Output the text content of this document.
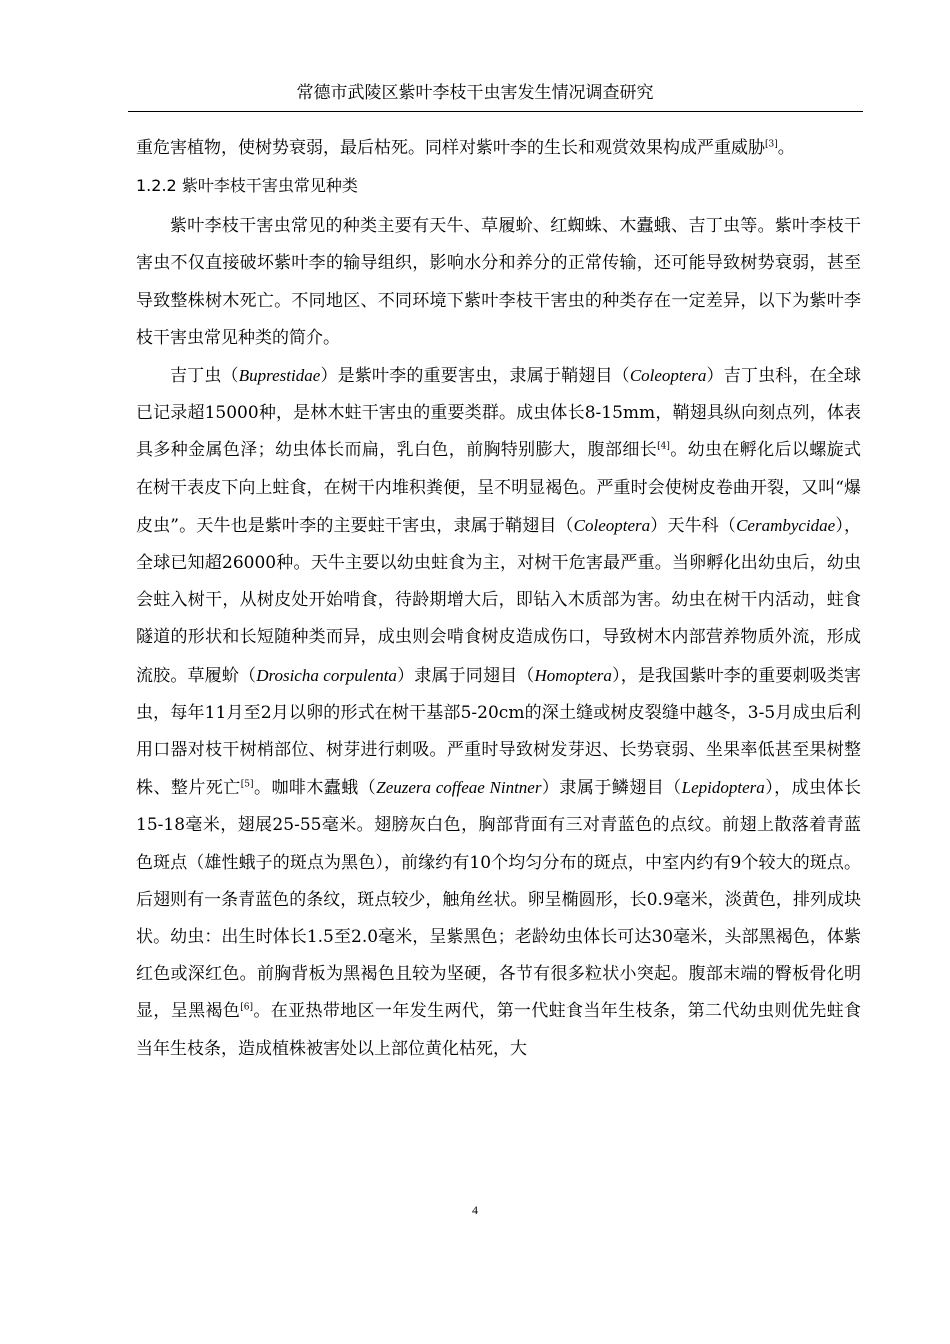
常德市武陵区紫叶李枝干虫害发生情况调查研究

重危害植物，使树势衰弱，最后枯死。同样对紫叶李的生长和观赏效果构成严重威胁[3]。

1.2.2 紫叶李枝干害虫常见种类

紫叶李枝干害虫常见的种类主要有天牛、草履蚧、红蜘蛛、木蠹蛾、吉丁虫等。紫叶李枝干害虫不仅直接破坏紫叶李的输导组织，影响水分和养分的正常传输，还可能导致树势衰弱，甚至导致整株树木死亡。不同地区、不同环境下紫叶李枝干害虫的种类存在一定差异，以下为紫叶李枝干害虫常见种类的简介。

吉丁虫（Buprestidae）是紫叶李的重要害虫，隶属于鞘翅目（Coleoptera）吉丁虫科，在全球已记录超15000种，是林木蛀干害虫的重要类群。成虫体长8-15mm，鞘翅具纵向刻点列，体表具多种金属色泽；幼虫体长而扁，乳白色，前胸特别膨大，腹部细长[4]。幼虫在孵化后以螺旋式在树干表皮下向上蛀食，在树干内堆积粪便，呈不明显褐色。严重时会使树皮卷曲开裂，又叫“爆皮虫”。天牛也是紫叶李的主要蛀干害虫，隶属于鞘翅目（Coleoptera）天牛科（Cerambycidae），全球已知超26000种。天牛主要以幼虫蛀食为主，对树干危害最严重。当卵孵化出幼虫后，幼虫会蛀入树干，从树皮处开始啃食，待龄期增大后，即钻入木质部为害。幼虫在树干内活动，蛀食隧道的形状和长短随种类而异，成虫则会啃食树皮造成伤口，导致树木内部营养物质外流，形成流胶。草履蚧（Drosicha corpulenta）隶属于同翅目（Homoptera），是我国紫叶李的重要刺吸类害虫，每年11月至2月以卵的形式在树干基部5-20cm的深土缝或树皮裂缝中越冬，3-5月成虫后利用口器对枝干树梢部位、树芽进行刺吸。严重时导致树发芽迟、长势衰弱、坐果率低甚至果树整株、整片死亡[5]。咖啡木蠹蛾（Zeuzera coffeae Nintner）隶属于鳞翅目（Lepidoptera），成虫体长15-18毫米，翅展25-55毫米。翅膀灰白色，胸部背面有三对青蓝色的点纹。前翅上散落着青蓝色斑点（雄性蛾子的斑点为黑色），前缘约有10个均匀分布的斑点，中室内约有9个较大的斑点。后翅则有一条青蓝色的条纹，斑点较少，触角丝状。卵呈椭圆形，长0.9毫米，淡黄色，排列成块状。幼虫：出生时体长1.5至2.0毫米，呈紫黑色；老龄幼虫体长可达30毫米，头部黑褐色，体紫红色或深红色。前胸背板为黑褐色且较为坚硬，各节有很多粒状小突起。腹部末端的臀板骨化明显，呈黑褐色[6]。在亚热带地区一年发生两代，第一代蛀食当年生枝条，第二代幼虫则优先蛀食当年生枝条，造成植株被害处以上部位黄化枯死，大

4
